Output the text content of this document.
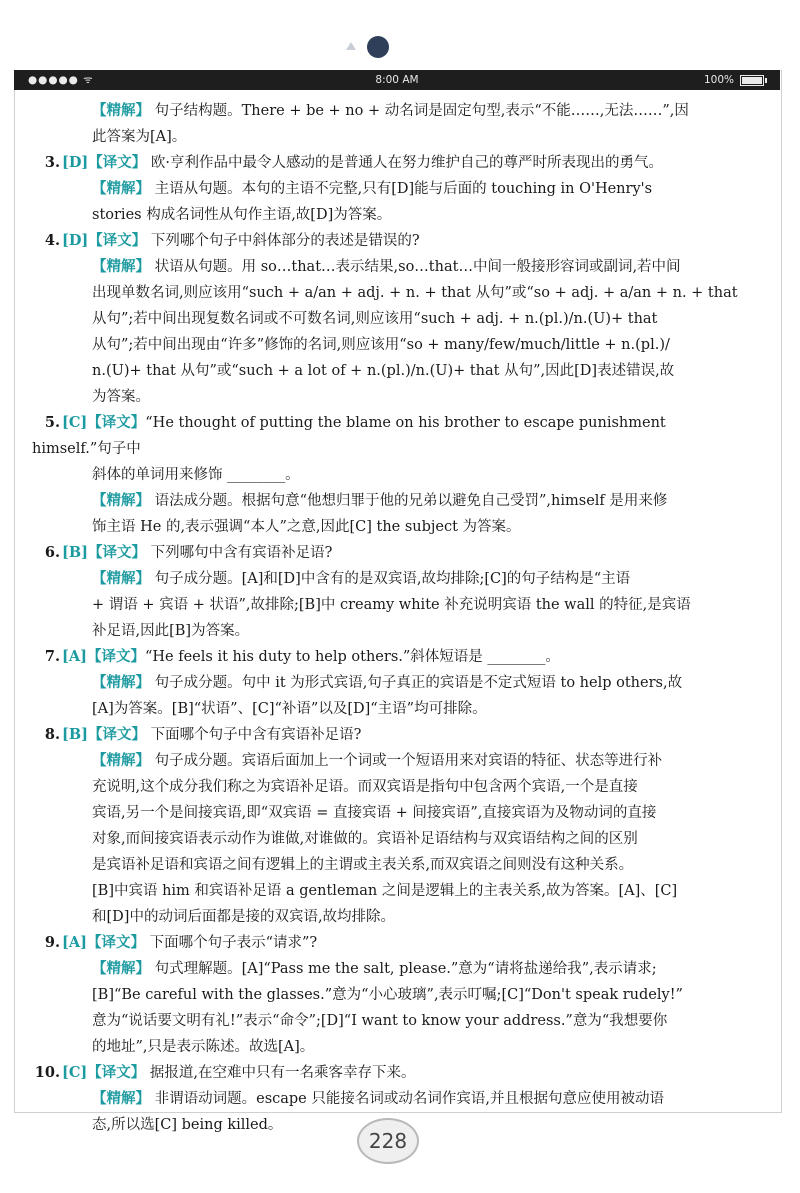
●●●●● ᯤ	8:00 AM	100%
【精解】 句子结构题。There + be + no + 动名词是固定句型,表示“不能……,无法……”,因
此答案为[A]。
3. [D]【译文】 欧·亨利作品中最令人感动的是普通人在努力维护自己的尊严时所表现出的勇气。
【精解】 主语从句题。本句的主语不完整,只有[D]能与后面的 touching in O'Henry's
stories 构成名词性从句作主语,故[D]为答案。
4. [D]【译文】 下列哪个句子中斜体部分的表述是错误的?
【精解】 状语从句题。用 so…that…表示结果,so…that…中间一般接形容词或副词,若中间
出现单数名词,则应该用“such + a/an + adj. + n. + that 从句”或“so + adj. + a/an + n. + that
从句”;若中间出现复数名词或不可数名词,则应该用“such + adj. + n.(pl.)/n.(U)+ that
从句”;若中间出现由“许多”修饰的名词,则应该用“so + many/few/much/little + n.(pl.)/
n.(U)+ that 从句”或“such + a lot of + n.(pl.)/n.(U)+ that 从句”,因此[D]表述错误,故
为答案。
5. [C]【译文】“He thought of putting the blame on his brother to escape punishment himself.”句子中
斜体的单词用来修饰 ________。
【精解】 语法成分题。根据句意“他想归罪于他的兄弟以避免自己受罚”,himself 是用来修
饰主语 He 的,表示强调“本人”之意,因此[C] the subject 为答案。
6. [B]【译文】 下列哪句中含有宾语补足语?
【精解】 句子成分题。[A]和[D]中含有的是双宾语,故均排除;[C]的句子结构是“主语
+ 谓语 + 宾语 + 状语”,故排除;[B]中 creamy white 补充说明宾语 the wall 的特征,是宾语
补足语,因此[B]为答案。
7. [A]【译文】“He feels it his duty to help others.”斜体短语是 ________。
【精解】 句子成分题。句中 it 为形式宾语,句子真正的宾语是不定式短语 to help others,故
[A]为答案。[B]“状语”、[C]“补语”以及[D]“主语”均可排除。
8. [B]【译文】 下面哪个句子中含有宾语补足语?
【精解】 句子成分题。宾语后面加上一个词或一个短语用来对宾语的特征、状态等进行补
充说明,这个成分我们称之为宾语补足语。而双宾语是指句中包含两个宾语,一个是直接
宾语,另一个是间接宾语,即“双宾语 = 直接宾语 + 间接宾语”,直接宾语为及物动词的直接
对象,而间接宾语表示动作为谁做,对谁做的。宾语补足语结构与双宾语结构之间的区别
是宾语补足语和宾语之间有逻辑上的主谓或主表关系,而双宾语之间则没有这种关系。
[B]中宾语 him 和宾语补足语 a gentleman 之间是逻辑上的主表关系,故为答案。[A]、[C]
和[D]中的动词后面都是接的双宾语,故均排除。
9. [A]【译文】 下面哪个句子表示“请求”?
【精解】 句式理解题。[A]“Pass me the salt, please.”意为“请将盐递给我”,表示请求;
[B]“Be careful with the glasses.”意为“小心玻璃”,表示叮嘱;[C]“Don't speak rudely!”
意为“说话要文明有礼!”表示“命令”;[D]“I want to know your address.”意为“我想要你
的地址”,只是表示陈述。故选[A]。
10. [C]【译文】 据报道,在空难中只有一名乘客幸存下来。
【精解】 非谓语动词题。escape 只能接名词或动名词作宾语,并且根据句意应使用被动语
态,所以选[C] being killed。
228
